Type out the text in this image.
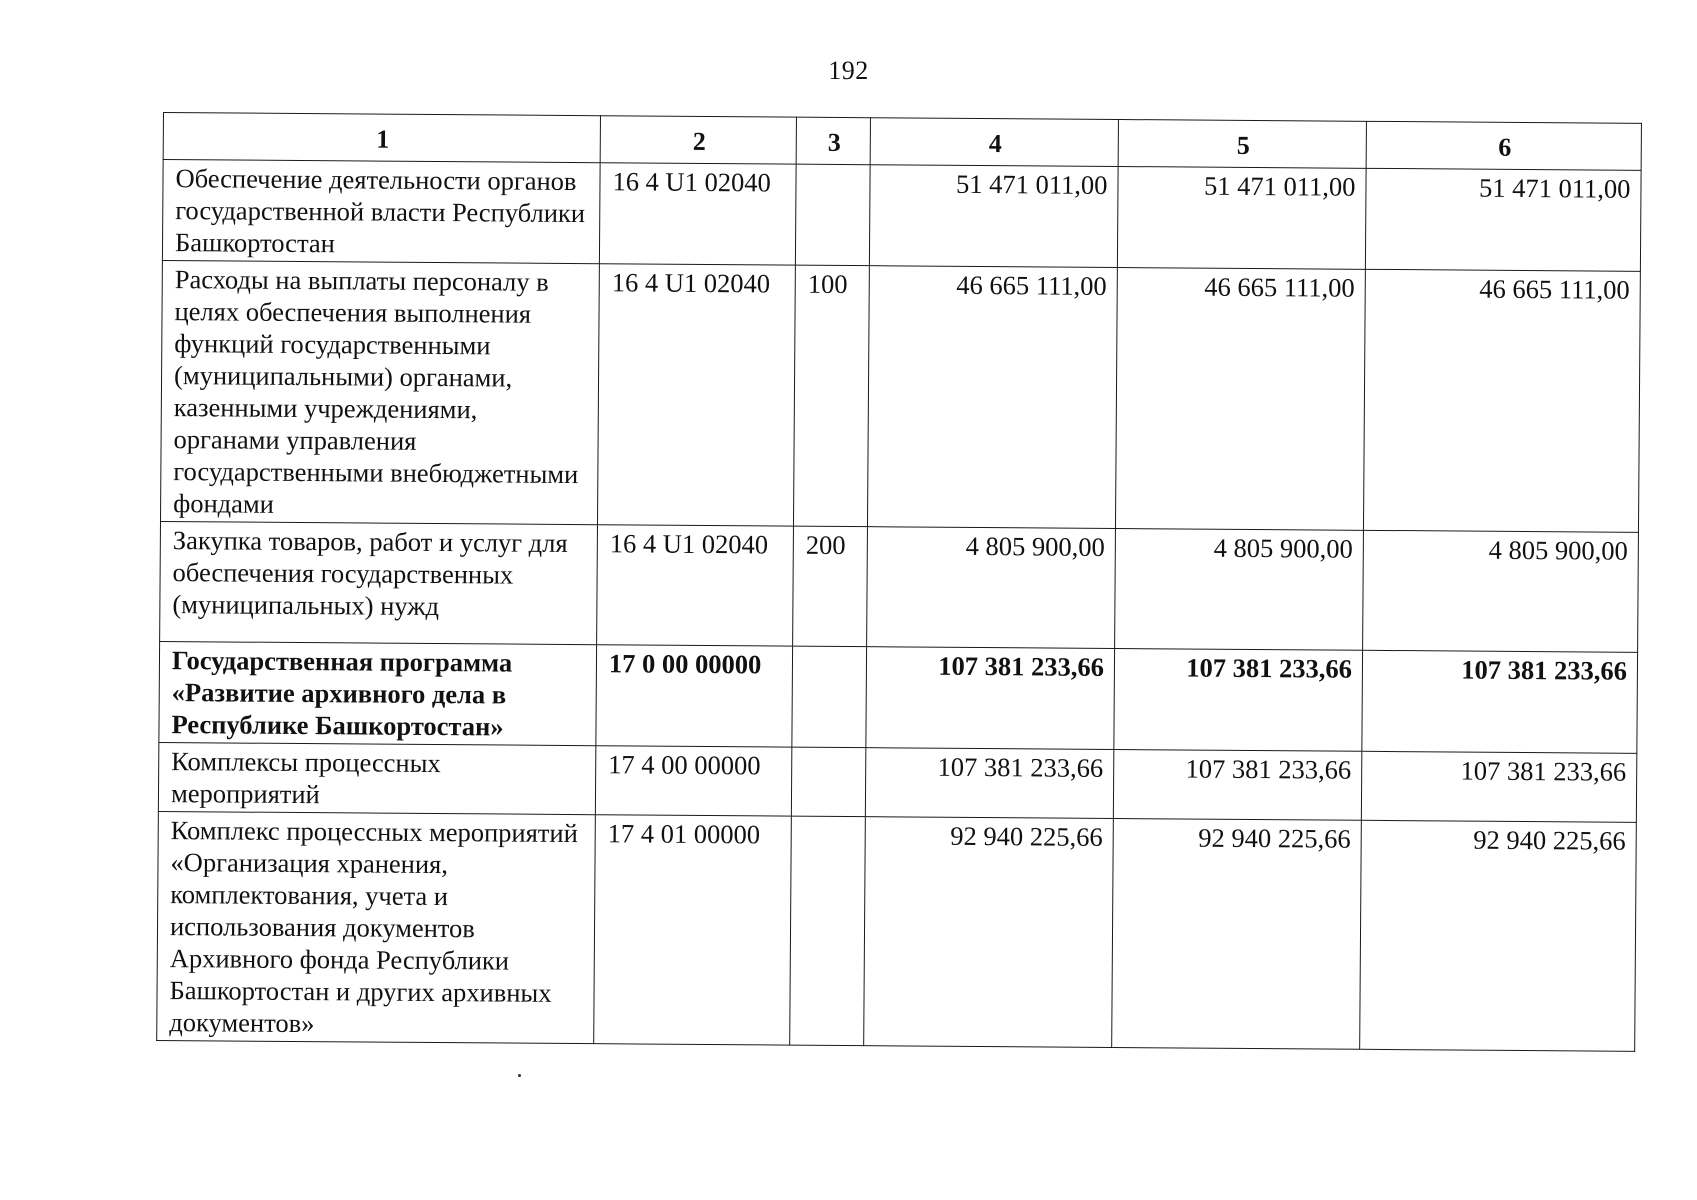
192
1	2	3	4	5	6
Обеспечение деятельности органов государственной власти Республики Башкортостан	16 4 U1 02040		51 471 011,00	51 471 011,00	51 471 011,00
Расходы на выплаты персоналу в целях обеспечения выполнения функций государственными (муниципальными) органами, казенными учреждениями, органами управления государственными внебюджетными фондами	16 4 U1 02040	100	46 665 111,00	46 665 111,00	46 665 111,00
Закупка товаров, работ и услуг для обеспечения государственных (муниципальных) нужд	16 4 U1 02040	200	4 805 900,00	4 805 900,00	4 805 900,00
Государственная программа «Развитие архивного дела в Республике Башкортостан»	17 0 00 00000		107 381 233,66	107 381 233,66	107 381 233,66
Комплексы процессных мероприятий	17 4 00 00000		107 381 233,66	107 381 233,66	107 381 233,66
Комплекс процессных мероприятий «Организация хранения, комплектования, учета и использования документов Архивного фонда Республики Башкортостан и других архивных документов»	17 4 01 00000		92 940 225,66	92 940 225,66	92 940 225,66
